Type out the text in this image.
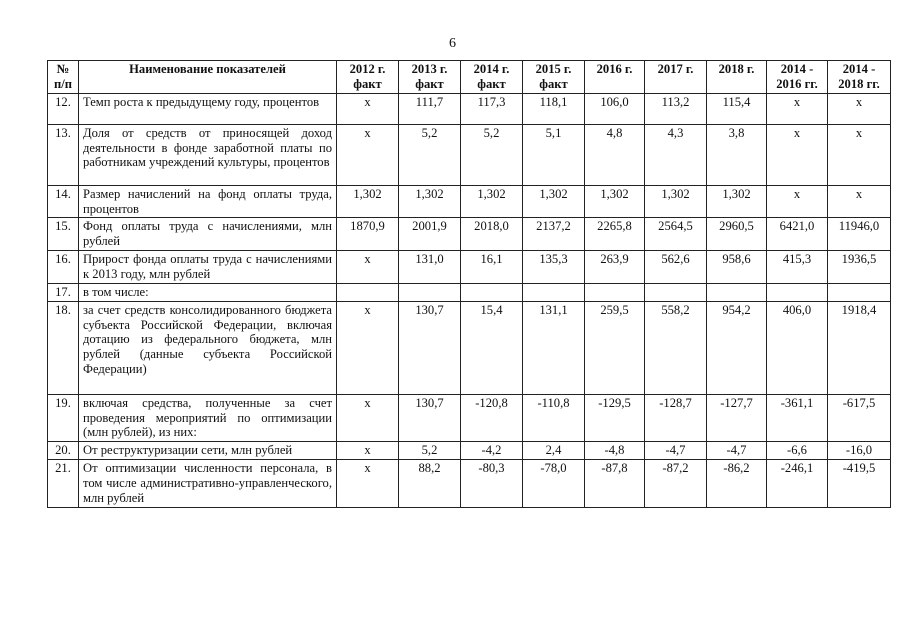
6
№ п/п	Наименование показателей	2012 г. факт	2013 г. факт	2014 г. факт	2015 г. факт	2016 г.	2017 г.	2018 г.	2014 - 2016 гг.	2014 - 2018 гг.
12.	Темп роста к предыдущему году, процентов	x	111,7	117,3	118,1	106,0	113,2	115,4	x	x
13.	Доля от средств от приносящей доход деятельности в фонде заработной платы по работникам учреждений культуры, процентов	x	5,2	5,2	5,1	4,8	4,3	3,8	x	x
14.	Размер начислений на фонд оплаты труда, процентов	1,302	1,302	1,302	1,302	1,302	1,302	1,302	x	x
15.	Фонд оплаты труда с начислениями, млн рублей	1870,9	2001,9	2018,0	2137,2	2265,8	2564,5	2960,5	6421,0	11946,0
16.	Прирост фонда оплаты труда с начислениями к 2013 году, млн рублей	x	131,0	16,1	135,3	263,9	562,6	958,6	415,3	1936,5
17.	в том числе:									
18.	за счет средств консолидированного бюджета субъекта Российской Федерации, включая дотацию из федерального бюджета, млн рублей (данные субъекта Российской Федерации)	x	130,7	15,4	131,1	259,5	558,2	954,2	406,0	1918,4
19.	включая средства, полученные за счет проведения мероприятий по оптимизации (млн рублей), из них:	x	130,7	-120,8	-110,8	-129,5	-128,7	-127,7	-361,1	-617,5
20.	От реструктуризации сети, млн рублей	x	5,2	-4,2	2,4	-4,8	-4,7	-4,7	-6,6	-16,0
21.	От оптимизации численности персонала, в том числе административно-управленческого, млн рублей	x	88,2	-80,3	-78,0	-87,8	-87,2	-86,2	-246,1	-419,5
